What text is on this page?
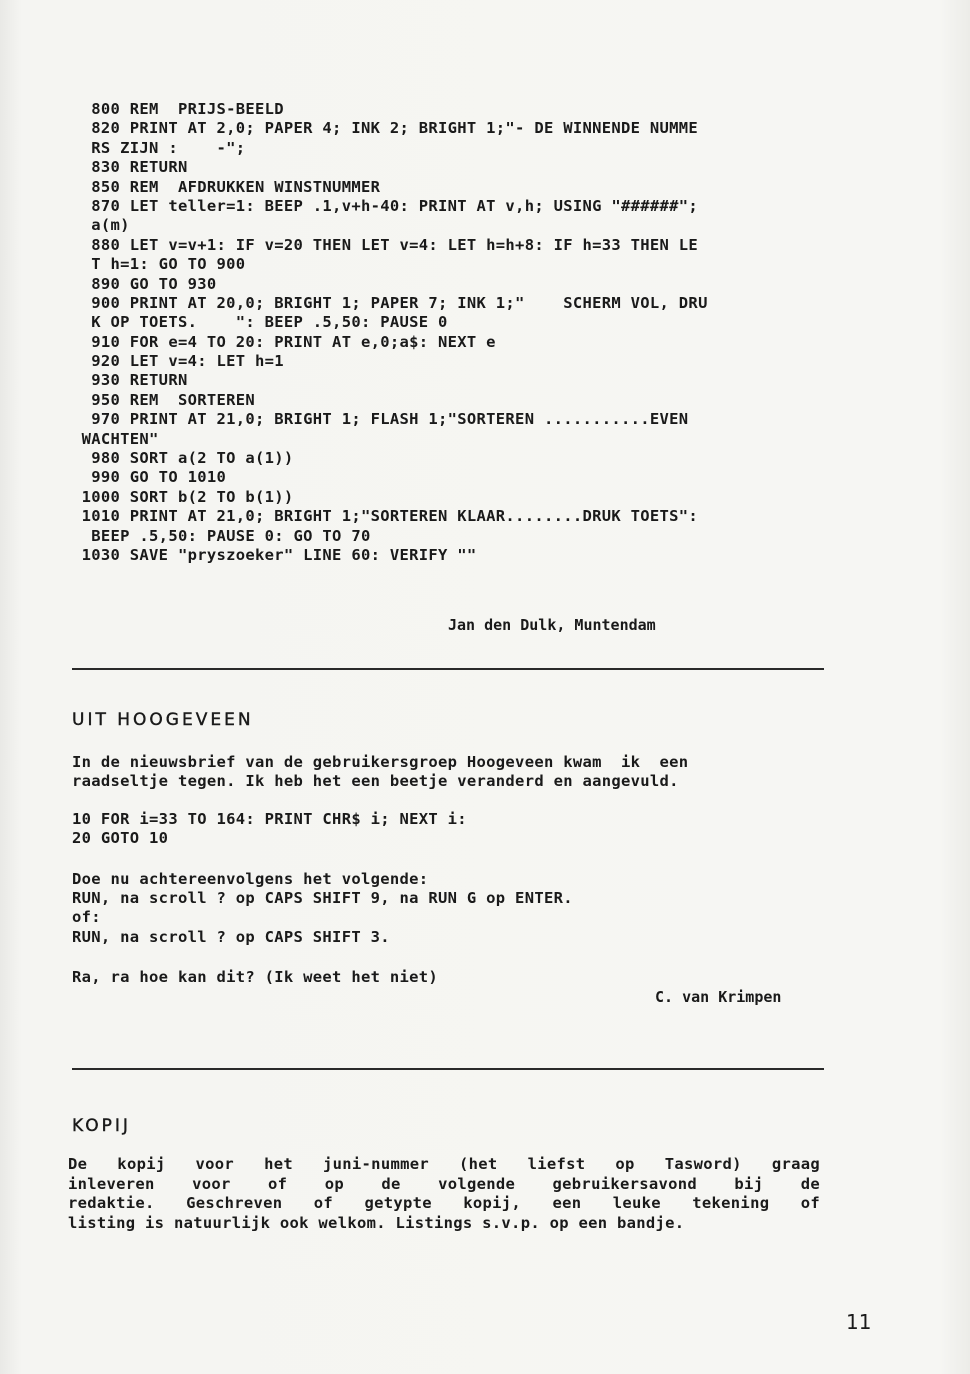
800 REM  PRIJS-BEELD
820 PRINT AT 2,0; PAPER 4; INK 2; BRIGHT 1;"- DE WINNENDE NUMME
RS ZIJN :    -";
830 RETURN
850 REM  AFDRUKKEN WINSTNUMMER
870 LET teller=1: BEEP .1,v+h-40: PRINT AT v,h; USING "######";
a(m)
880 LET v=v+1: IF v=20 THEN LET v=4: LET h=h+8: IF h=33 THEN LE
T h=1: GO TO 900
890 GO TO 930
900 PRINT AT 20,0; BRIGHT 1; PAPER 7; INK 1;"    SCHERM VOL, DRU
K OP TOETS.    ": BEEP .5,50: PAUSE 0
910 FOR e=4 TO 20: PRINT AT e,0;a$: NEXT e
920 LET v=4: LET h=1
930 RETURN
950 REM  SORTEREN
970 PRINT AT 21,0; BRIGHT 1; FLASH 1;"SORTEREN ...........EVEN
WACHTEN"
980 SORT a(2 TO a(1))
990 GO TO 1010
1000 SORT b(2 TO b(1))
1010 PRINT AT 21,0; BRIGHT 1;"SORTEREN KLAAR........DRUK TOETS":
BEEP .5,50: PAUSE 0: GO TO 70
1030 SAVE "pryszoeker" LINE 60: VERIFY ""
Jan den Dulk, Muntendam
UIT HOOGEVEEN
In de nieuwsbrief van de gebruikersgroep Hoogeveen kwam  ik  een
raadseltje tegen. Ik heb het een beetje veranderd en aangevuld.
10 FOR i=33 TO 164: PRINT CHR$ i; NEXT i:
20 GOTO 10
Doe nu achtereenvolgens het volgende:
RUN, na scroll ? op CAPS SHIFT 9, na RUN G op ENTER.
of:
RUN, na scroll ? op CAPS SHIFT 3.
Ra, ra hoe kan dit? (Ik weet het niet)
C. van Krimpen
KOPIJ
De kopij voor het juni-nummer (het liefst op Tasword) graag
inleveren voor of op de volgende gebruikersavond bij de
redaktie. Geschreven of getypte kopij, een leuke tekening of
listing is natuurlijk ook welkom. Listings s.v.p. op een bandje.
11
